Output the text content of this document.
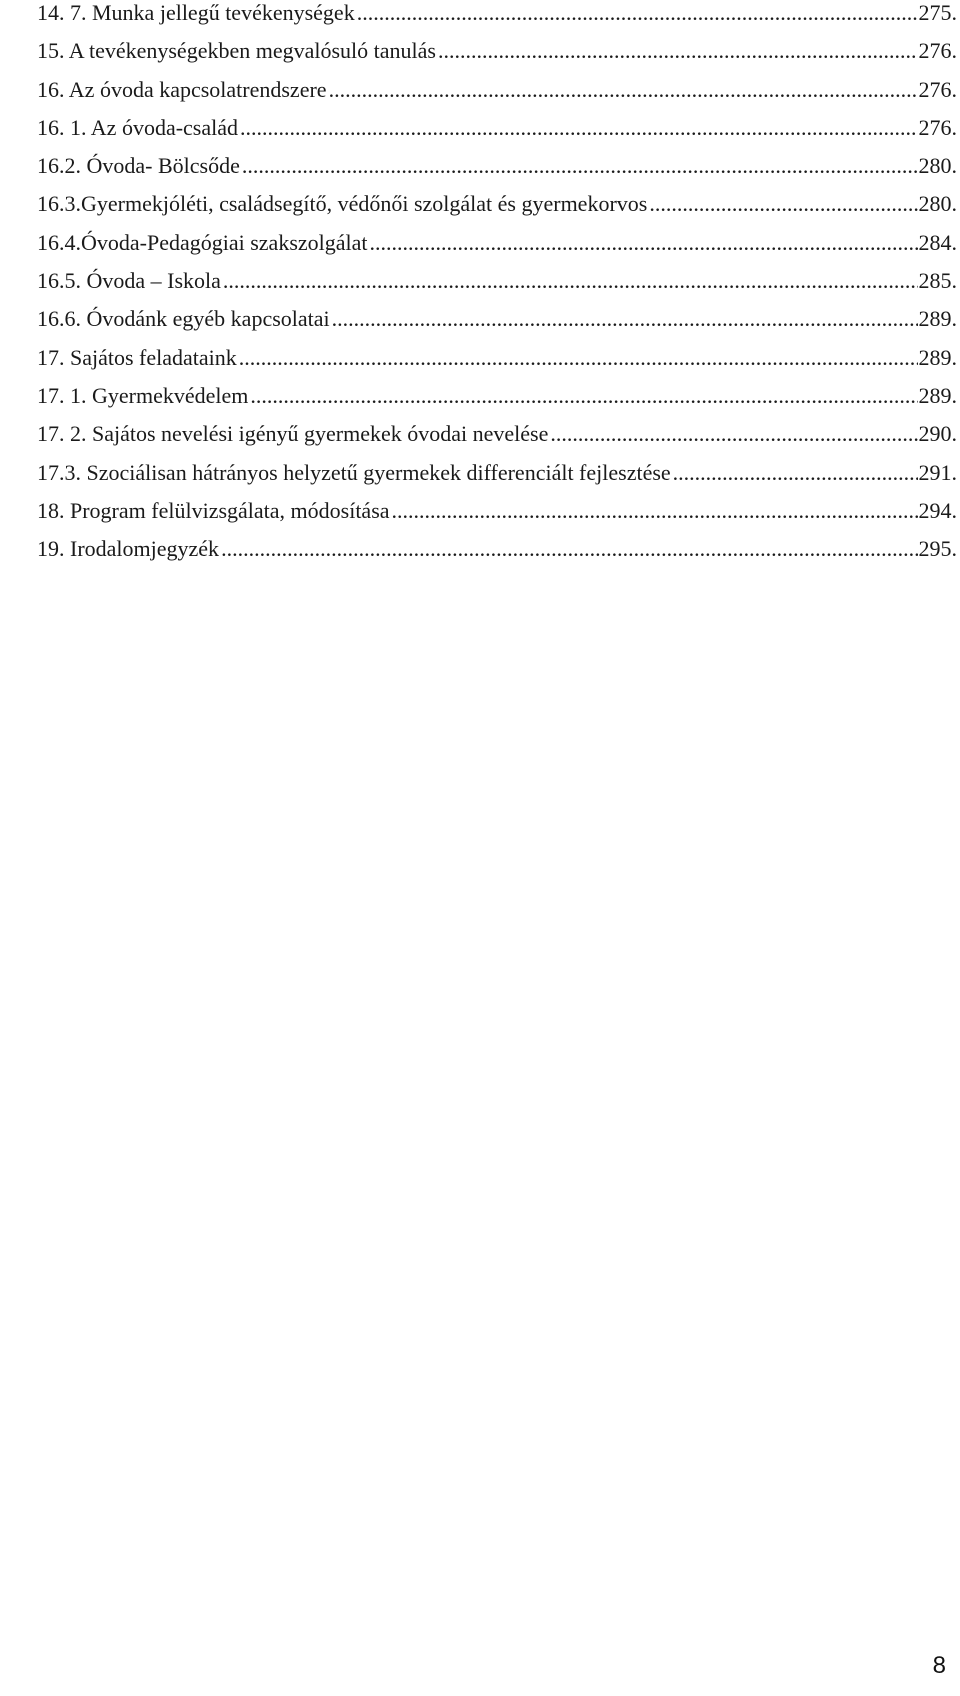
14. 7. Munka jellegű tevékenységek .....	275.
15. A tevékenységekben megvalósuló tanulás .....	276.
16. Az óvoda kapcsolatrendszere .....	276.
16. 1. Az óvoda-család .....	276.
16.2. Óvoda- Bölcsőde .....	280.
16.3.Gyermekjóléti, családsegítő, védőnői szolgálat és gyermekorvos .....	280.
16.4.Óvoda-Pedagógiai szakszolgálat .....	284.
16.5. Óvoda – Iskola .....	285.
16.6. Óvodánk egyéb kapcsolatai .....	289.
17. Sajátos feladataink .....	289.
17. 1. Gyermekvédelem .....	289.
17. 2. Sajátos nevelési igényű gyermekek óvodai nevelése .....	290.
17.3. Szociálisan hátrányos helyzetű gyermekek differenciált fejlesztése .....	291.
18. Program felülvizsgálata, módosítása .....	294.
19. Irodalomjegyzék .....	295.
8
